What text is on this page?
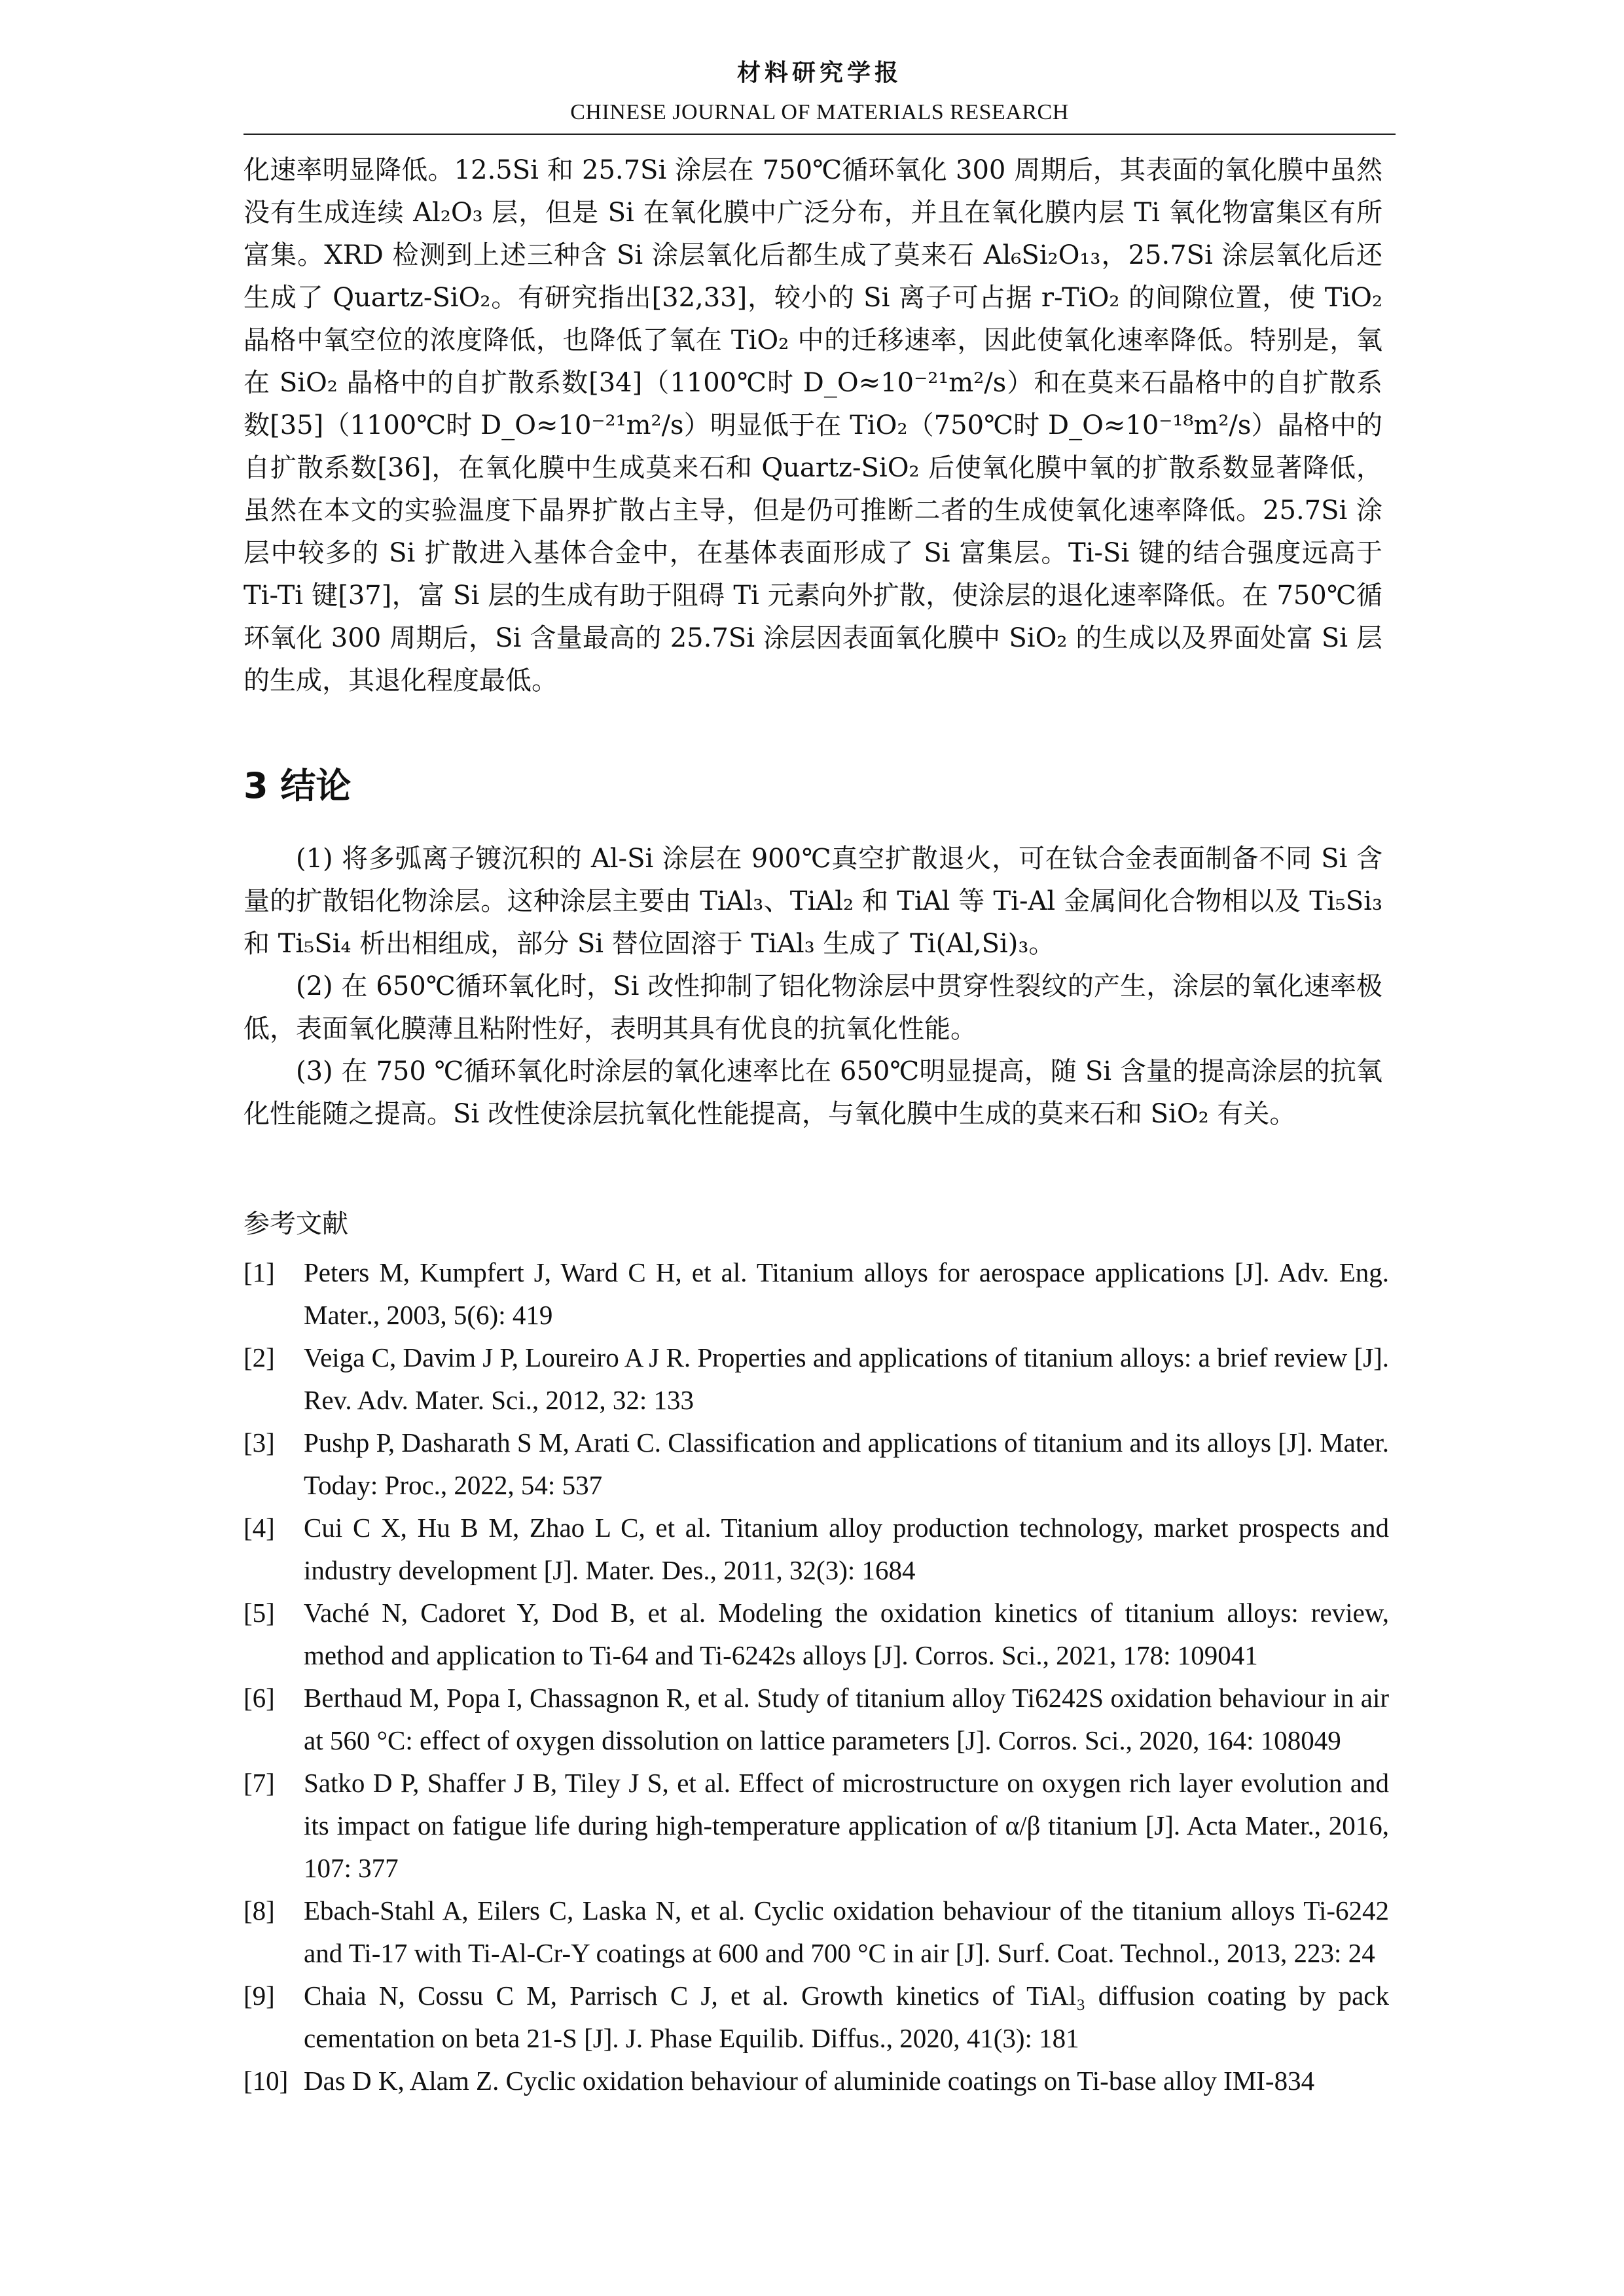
材料研究学报
CHINESE JOURNAL OF MATERIALS RESEARCH

化速率明显降低。12.5Si 和 25.7Si 涂层在 750℃循环氧化 300 周期后，其表面的氧化膜中虽然没有生成连续 Al₂O₃ 层，但是 Si 在氧化膜中广泛分布，并且在氧化膜内层 Ti 氧化物富集区有所富集。XRD 检测到上述三种含 Si 涂层氧化后都生成了莫来石 Al₆Si₂O₁₃，25.7Si 涂层氧化后还生成了 Quartz-SiO₂。有研究指出[32,33]，较小的 Si 离子可占据 r-TiO₂ 的间隙位置，使 TiO₂ 晶格中氧空位的浓度降低，也降低了氧在 TiO₂ 中的迁移速率，因此使氧化速率降低。特别是，氧在 SiO₂ 晶格中的自扩散系数[34]（1100℃时 D_O≈10⁻²¹m²/s）和在莫来石晶格中的自扩散系数[35]（1100℃时 D_O≈10⁻²¹m²/s）明显低于在 TiO₂（750℃时 D_O≈10⁻¹⁸m²/s）晶格中的自扩散系数[36]，在氧化膜中生成莫来石和 Quartz-SiO₂ 后使氧化膜中氧的扩散系数显著降低，虽然在本文的实验温度下晶界扩散占主导，但是仍可推断二者的生成使氧化速率降低。25.7Si 涂层中较多的 Si 扩散进入基体合金中，在基体表面形成了 Si 富集层。Ti-Si 键的结合强度远高于 Ti-Ti 键[37]，富 Si 层的生成有助于阻碍 Ti 元素向外扩散，使涂层的退化速率降低。在 750℃循环氧化 300 周期后，Si 含量最高的 25.7Si 涂层因表面氧化膜中 SiO₂ 的生成以及界面处富 Si 层的生成，其退化程度最低。

3 结论

(1) 将多弧离子镀沉积的 Al-Si 涂层在 900℃真空扩散退火，可在钛合金表面制备不同 Si 含量的扩散铝化物涂层。这种涂层主要由 TiAl₃、TiAl₂ 和 TiAl 等 Ti-Al 金属间化合物相以及 Ti₅Si₃ 和 Ti₅Si₄ 析出相组成，部分 Si 替位固溶于 TiAl₃ 生成了 Ti(Al,Si)₃。

(2) 在 650℃循环氧化时，Si 改性抑制了铝化物涂层中贯穿性裂纹的产生，涂层的氧化速率极低，表面氧化膜薄且粘附性好，表明其具有优良的抗氧化性能。

(3) 在 750 ℃循环氧化时涂层的氧化速率比在 650℃明显提高，随 Si 含量的提高涂层的抗氧化性能随之提高。Si 改性使涂层抗氧化性能提高，与氧化膜中生成的莫来石和 SiO₂ 有关。

参考文献
[1] Peters M, Kumpfert J, Ward C H, et al. Titanium alloys for aerospace applications [J]. Adv. Eng. Mater., 2003, 5(6): 419
[2] Veiga C, Davim J P, Loureiro A J R. Properties and applications of titanium alloys: a brief review [J]. Rev. Adv. Mater. Sci., 2012, 32: 133
[3] Pushp P, Dasharath S M, Arati C. Classification and applications of titanium and its alloys [J]. Mater. Today: Proc., 2022, 54: 537
[4] Cui C X, Hu B M, Zhao L C, et al. Titanium alloy production technology, market prospects and industry development [J]. Mater. Des., 2011, 32(3): 1684
[5] Vaché N, Cadoret Y, Dod B, et al. Modeling the oxidation kinetics of titanium alloys: review, method and application to Ti-64 and Ti-6242s alloys [J]. Corros. Sci., 2021, 178: 109041
[6] Berthaud M, Popa I, Chassagnon R, et al. Study of titanium alloy Ti6242S oxidation behaviour in air at 560 °C: effect of oxygen dissolution on lattice parameters [J]. Corros. Sci., 2020, 164: 108049
[7] Satko D P, Shaffer J B, Tiley J S, et al. Effect of microstructure on oxygen rich layer evolution and its impact on fatigue life during high-temperature application of α/β titanium [J]. Acta Mater., 2016, 107: 377
[8] Ebach-Stahl A, Eilers C, Laska N, et al. Cyclic oxidation behaviour of the titanium alloys Ti-6242 and Ti-17 with Ti-Al-Cr-Y coatings at 600 and 700 °C in air [J]. Surf. Coat. Technol., 2013, 223: 24
[9] Chaia N, Cossu C M, Parrisch C J, et al. Growth kinetics of TiAl₃ diffusion coating by pack cementation on beta 21-S [J]. J. Phase Equilib. Diffus., 2020, 41(3): 181
[10] Das D K, Alam Z. Cyclic oxidation behaviour of aluminide coatings on Ti-base alloy IMI-834
